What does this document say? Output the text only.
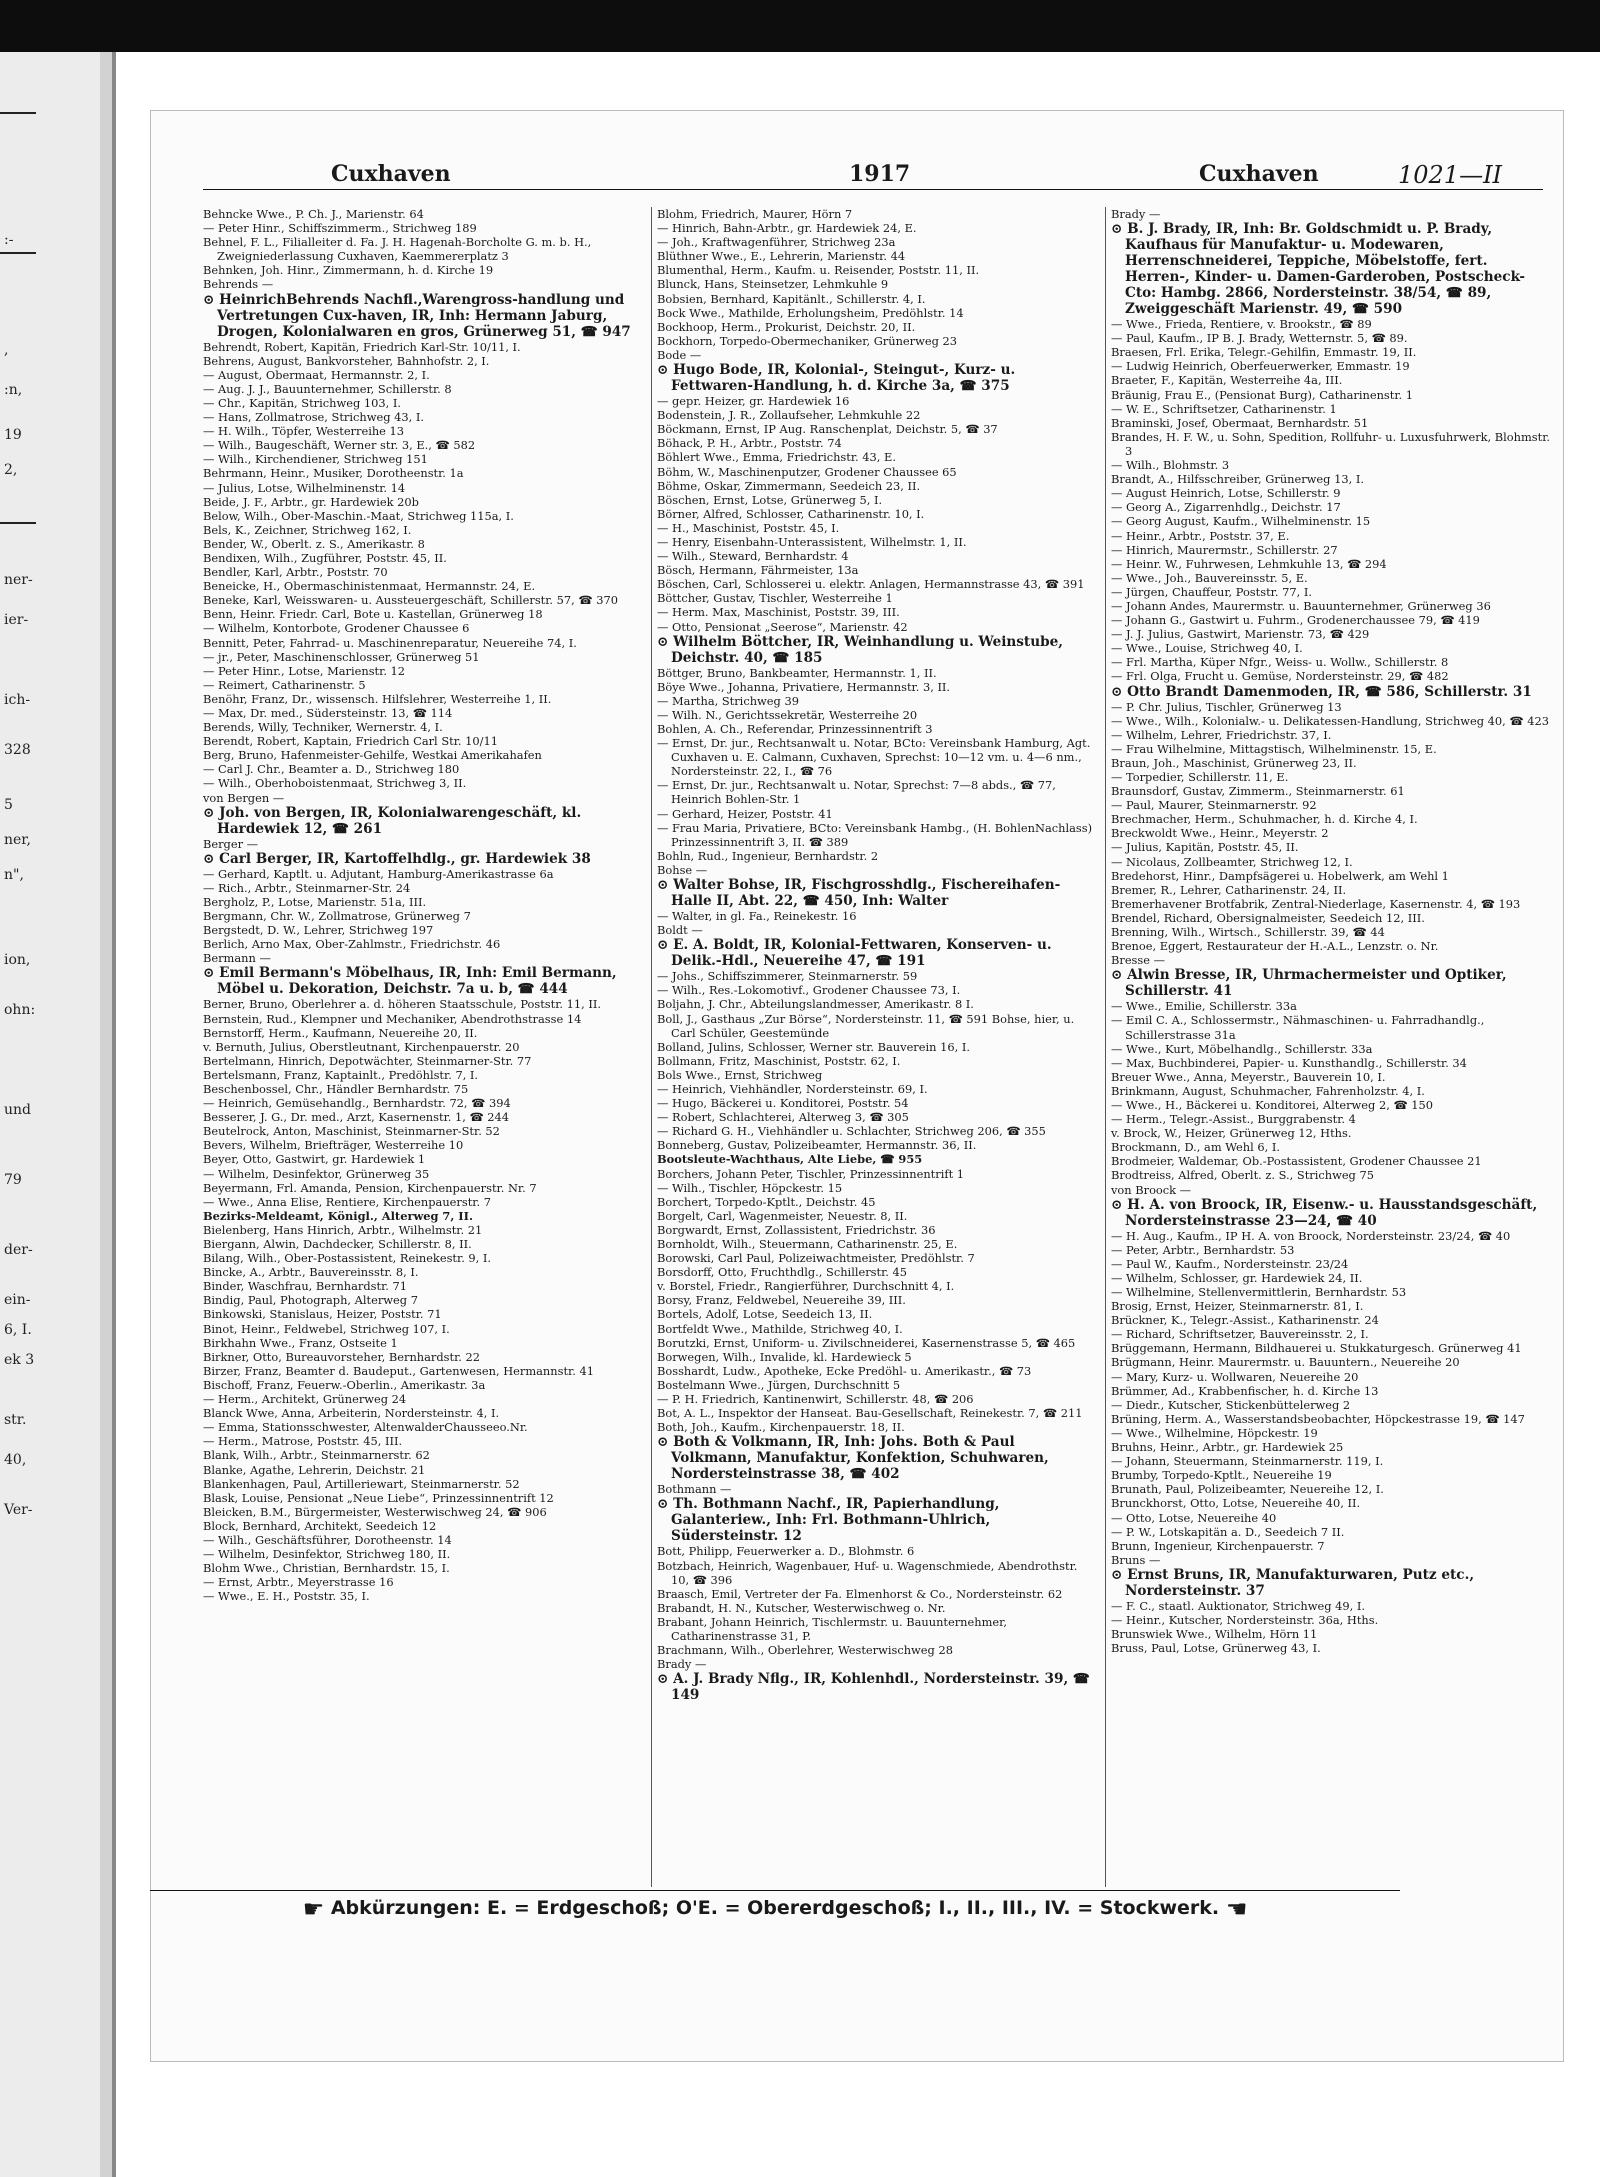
:-
,
:n,
19
2,
ner-
ier-
ich-
328
5
ner,
n",
ion,
ohn:
und
79
der-
ein-
6, I.
ek 3
str.
40,
Ver-
Cuxhaven	1917	Cuxhaven	1021—II

Behncke Wwe., P. Ch. J., Marienstr. 64

— Peter Hinr., Schiffszimmerm., Strichweg 189

Behnel, F. L., Filialleiter d. Fa. J. H. Hagenah-Borcholte G. m. b. H., Zweigniederlassung Cuxhaven, Kaemmererplatz 3

Behnken, Joh. Hinr., Zimmermann, h. d. Kirche 19

Behrends —

⊙ HeinrichBehrends Nachfl.,Warengross-handlung und Vertretungen Cux-haven, IR, Inh: Hermann Jaburg, Drogen, Kolonialwaren en gros, Grünerweg 51, ☎ 947

Behrendt, Robert, Kapitän, Friedrich Karl-Str. 10/11, I.

Behrens, August, Bankvorsteher, Bahnhofstr. 2, I.

— August, Obermaat, Hermannstr. 2, I.

— Aug. J. J., Bauunternehmer, Schillerstr. 8

— Chr., Kapitän, Strichweg 103, I.

— Hans, Zollmatrose, Strichweg 43, I.

— H. Wilh., Töpfer, Westerreihe 13

— Wilh., Baugeschäft, Werner str. 3, E., ☎ 582

— Wilh., Kirchendiener, Strichweg 151

Behrmann, Heinr., Musiker, Dorotheenstr. 1a

— Julius, Lotse, Wilhelminenstr. 14

Beide, J. F., Arbtr., gr. Hardewiek 20b

Below, Wilh., Ober-Maschin.-Maat, Strichweg 115a, I.

Bels, K., Zeichner, Strichweg 162, I.

Bender, W., Oberlt. z. S., Amerikastr. 8

Bendixen, Wilh., Zugführer, Poststr. 45, II.

Bendler, Karl, Arbtr., Poststr. 70

Beneicke, H., Obermaschinistenmaat, Hermannstr. 24, E.

Beneke, Karl, Weisswaren- u. Aussteuergeschäft, Schillerstr. 57, ☎ 370

Benn, Heinr. Friedr. Carl, Bote u. Kastellan, Grünerweg 18

— Wilhelm, Kontorbote, Grodener Chaussee 6

Bennitt, Peter, Fahrrad- u. Maschinenreparatur, Neuereihe 74, I.

— jr., Peter, Maschinenschlosser, Grünerweg 51

— Peter Hinr., Lotse, Marienstr. 12

— Reimert, Catharinenstr. 5

Benöhr, Franz, Dr., wissensch. Hilfslehrer, Westerreihe 1, II.

— Max, Dr. med., Südersteinstr. 13, ☎ 114

Berends, Willy, Techniker, Wernerstr. 4, I.

Berendt, Robert, Kaptain, Friedrich Carl Str. 10/11

Berg, Bruno, Hafenmeister-Gehilfe, Westkai Amerikahafen

— Carl J. Chr., Beamter a. D., Strichweg 180

— Wilh., Oberhoboistenmaat, Strichweg 3, II.

von Bergen —

⊙ Joh. von Bergen, IR, Kolonialwarengeschäft, kl. Hardewiek 12, ☎ 261

Berger —

⊙ Carl Berger, IR, Kartoffelhdlg., gr. Hardewiek 38

— Gerhard, Kaptlt. u. Adjutant, Hamburg-Amerikastrasse 6a

— Rich., Arbtr., Steinmarner-Str. 24

Bergholz, P., Lotse, Marienstr. 51a, III.

Bergmann, Chr. W., Zollmatrose, Grünerweg 7

Bergstedt, D. W., Lehrer, Strichweg 197

Berlich, Arno Max, Ober-Zahlmstr., Friedrichstr. 46

Bermann —

⊙ Emil Bermann's Möbelhaus, IR, Inh: Emil Bermann, Möbel u. Dekoration, Deichstr. 7a u. b, ☎ 444

Berner, Bruno, Oberlehrer a. d. höheren Staatsschule, Poststr. 11, II.

Bernstein, Rud., Klempner und Mechaniker, Abendrothstrasse 14

Bernstorff, Herm., Kaufmann, Neuereihe 20, II.

v. Bernuth, Julius, Oberstleutnant, Kirchenpauerstr. 20

Bertelmann, Hinrich, Depotwächter, Steinmarner-Str. 77

Bertelsmann, Franz, Kaptainlt., Predöhlstr. 7, I.

Beschenbossel, Chr., Händler Bernhardstr. 75

— Heinrich, Gemüsehandlg., Bernhardstr. 72, ☎ 394

Besserer, J. G., Dr. med., Arzt, Kasernenstr. 1, ☎ 244

Beutelrock, Anton, Maschinist, Steinmarner-Str. 52

Bevers, Wilhelm, Briefträger, Westerreihe 10

Beyer, Otto, Gastwirt, gr. Hardewiek 1

— Wilhelm, Desinfektor, Grünerweg 35

Beyermann, Frl. Amanda, Pension, Kirchenpauerstr. Nr. 7

— Wwe., Anna Elise, Rentiere, Kirchenpauerstr. 7

Bezirks-Meldeamt, Königl., Alterweg 7, II.

Bielenberg, Hans Hinrich, Arbtr., Wilhelmstr. 21

Biergann, Alwin, Dachdecker, Schillerstr. 8, II.

Bilang, Wilh., Ober-Postassistent, Reinekestr. 9, I.

Bincke, A., Arbtr., Bauvereinsstr. 8, I.

Binder, Waschfrau, Bernhardstr. 71

Bindig, Paul, Photograph, Alterweg 7

Binkowski, Stanislaus, Heizer, Poststr. 71

Binot, Heinr., Feldwebel, Strichweg 107, I.

Birkhahn Wwe., Franz, Ostseite 1

Birkner, Otto, Bureauvorsteher, Bernhardstr. 22

Birzer, Franz, Beamter d. Baudeput., Gartenwesen, Hermannstr. 41

Bischoff, Franz, Feuerw.-Oberlin., Amerikastr. 3a

— Herm., Architekt, Grünerweg 24

Blanck Wwe, Anna, Arbeiterin, Nordersteinstr. 4, I.

— Emma, Stationsschwester, AltenwalderChausseeo.Nr.

— Herm., Matrose, Poststr. 45, III.

Blank, Wilh., Arbtr., Steinmarnerstr. 62

Blanke, Agathe, Lehrerin, Deichstr. 21

Blankenhagen, Paul, Artilleriewart, Steinmarnerstr. 52

Blask, Louise, Pensionat „Neue Liebe“, Prinzessinnentrift 12

Bleicken, B.M., Bürgermeister, Westerwischweg 24, ☎ 906

Block, Bernhard, Architekt, Seedeich 12

— Wilh., Geschäftsführer, Dorotheenstr. 14

— Wilhelm, Desinfektor, Strichweg 180, II.

Blohm Wwe., Christian, Bernhardstr. 15, I.

— Ernst, Arbtr., Meyerstrasse 16

— Wwe., E. H., Poststr. 35, I.

Blohm, Friedrich, Maurer, Hörn 7

— Hinrich, Bahn-Arbtr., gr. Hardewiek 24, E.

— Joh., Kraftwagenführer, Strichweg 23a

Blüthner Wwe., E., Lehrerin, Marienstr. 44

Blumenthal, Herm., Kaufm. u. Reisender, Poststr. 11, II.

Blunck, Hans, Steinsetzer, Lehmkuhle 9

Bobsien, Bernhard, Kapitänlt., Schillerstr. 4, I.

Bock Wwe., Mathilde, Erholungsheim, Predöhlstr. 14

Bockhoop, Herm., Prokurist, Deichstr. 20, II.

Bockhorn, Torpedo-Obermechaniker, Grünerweg 23

Bode —

⊙ Hugo Bode, IR, Kolonial-, Steingut-, Kurz- u. Fettwaren-Handlung, h. d. Kirche 3a, ☎ 375

— gepr. Heizer, gr. Hardewiek 16

Bodenstein, J. R., Zollaufseher, Lehmkuhle 22

Böckmann, Ernst, IP Aug. Ranschenplat, Deichstr. 5, ☎ 37

Böhack, P. H., Arbtr., Poststr. 74

Böhlert Wwe., Emma, Friedrichstr. 43, E.

Böhm, W., Maschinenputzer, Grodener Chaussee 65

Böhme, Oskar, Zimmermann, Seedeich 23, II.

Böschen, Ernst, Lotse, Grünerweg 5, I.

Börner, Alfred, Schlosser, Catharinenstr. 10, I.

— H., Maschinist, Poststr. 45, I.

— Henry, Eisenbahn-Unterassistent, Wilhelmstr. 1, II.

— Wilh., Steward, Bernhardstr. 4

Bösch, Hermann, Fährmeister, 13a

Böschen, Carl, Schlosserei u. elektr. Anlagen, Hermannstrasse 43, ☎ 391

Böttcher, Gustav, Tischler, Westerreihe 1

— Herm. Max, Maschinist, Poststr. 39, III.

— Otto, Pensionat „Seerose“, Marienstr. 42

⊙ Wilhelm Böttcher, IR, Weinhandlung u. Weinstube, Deichstr. 40, ☎ 185

Böttger, Bruno, Bankbeamter, Hermannstr. 1, II.

Böye Wwe., Johanna, Privatiere, Hermannstr. 3, II.

— Martha, Strichweg 39

— Wilh. N., Gerichtssekretär, Westerreihe 20

Bohlen, A. Ch., Referendar, Prinzessinnentrift 3

— Ernst, Dr. jur., Rechtsanwalt u. Notar, BCto: Vereinsbank Hamburg, Agt. Cuxhaven u. E. Calmann, Cuxhaven, Sprechst: 10—12 vm. u. 4—6 nm., Nordersteinstr. 22, I., ☎ 76

— Ernst, Dr. jur., Rechtsanwalt u. Notar, Sprechst: 7—8 abds., ☎ 77, Heinrich Bohlen-Str. 1

— Gerhard, Heizer, Poststr. 41

— Frau Maria, Privatiere, BCto: Vereinsbank Hambg., (H. BohlenNachlass) Prinzessinnentrift 3, II. ☎ 389

Bohln, Rud., Ingenieur, Bernhardstr. 2

Bohse —

⊙ Walter Bohse, IR, Fischgrosshdlg., Fischereihafen-Halle II, Abt. 22, ☎ 450, Inh: Walter

— Walter, in gl. Fa., Reinekestr. 16

Boldt —

⊙ E. A. Boldt, IR, Kolonial-Fettwaren, Konserven- u. Delik.-Hdl., Neuereihe 47, ☎ 191

— Johs., Schiffszimmerer, Steinmarnerstr. 59

— Wilh., Res.-Lokomotivf., Grodener Chaussee 73, I.

Boljahn, J. Chr., Abteilungslandmesser, Amerikastr. 8 I.

Boll, J., Gasthaus „Zur Börse“, Nordersteinstr. 11, ☎ 591 Bohse, hier, u. Carl Schüler, Geestemünde

Bolland, Julins, Schlosser, Werner str. Bauverein 16, I.

Bollmann, Fritz, Maschinist, Poststr. 62, I.

Bols Wwe., Ernst, Strichweg

— Heinrich, Viehhändler, Nordersteinstr. 69, I.

— Hugo, Bäckerei u. Konditorei, Poststr. 54

— Robert, Schlachterei, Alterweg 3, ☎ 305

— Richard G. H., Viehhändler u. Schlachter, Strichweg 206, ☎ 355

Bonneberg, Gustav, Polizeibeamter, Hermannstr. 36, II.

Bootsleute-Wachthaus, Alte Liebe, ☎ 955

Borchers, Johann Peter, Tischler, Prinzessinnentrift 1

— Wilh., Tischler, Höpckestr. 15

Borchert, Torpedo-Kptlt., Deichstr. 45

Borgelt, Carl, Wagenmeister, Neuestr. 8, II.

Borgwardt, Ernst, Zollassistent, Friedrichstr. 36

Bornholdt, Wilh., Steuermann, Catharinenstr. 25, E.

Borowski, Carl Paul, Polizeiwachtmeister, Predöhlstr. 7

Borsdorff, Otto, Fruchthdlg., Schillerstr. 45

v. Borstel, Friedr., Rangierführer, Durchschnitt 4, I.

Borsy, Franz, Feldwebel, Neuereihe 39, III.

Bortels, Adolf, Lotse, Seedeich 13, II.

Bortfeldt Wwe., Mathilde, Strichweg 40, I.

Borutzki, Ernst, Uniform- u. Zivilschneiderei, Kasernenstrasse 5, ☎ 465

Borwegen, Wilh., Invalide, kl. Hardewieck 5

Bosshardt, Ludw., Apotheke, Ecke Predöhl- u. Amerikastr., ☎ 73

Bostelmann Wwe., Jürgen, Durchschnitt 5

— P. H. Friedrich, Kantinenwirt, Schillerstr. 48, ☎ 206

Bot, A. L., Inspektor der Hanseat. Bau-Gesellschaft, Reinekestr. 7, ☎ 211

Both, Joh., Kaufm., Kirchenpauerstr. 18, II.

⊙ Both & Volkmann, IR, Inh: Johs. Both & Paul Volkmann, Manufaktur, Konfektion, Schuhwaren, Nordersteinstrasse 38, ☎ 402

Bothmann —

⊙ Th. Bothmann Nachf., IR, Papierhandlung, Galanteriew., Inh: Frl. Bothmann-Uhlrich, Südersteinstr. 12

Bott, Philipp, Feuerwerker a. D., Blohmstr. 6

Botzbach, Heinrich, Wagenbauer, Huf- u. Wagenschmiede, Abendrothstr. 10, ☎ 396

Braasch, Emil, Vertreter der Fa. Elmenhorst & Co., Nordersteinstr. 62

Brabandt, H. N., Kutscher, Westerwischweg o. Nr.

Brabant, Johann Heinrich, Tischlermstr. u. Bauunternehmer, Catharinenstrasse 31, P.

Brachmann, Wilh., Oberlehrer, Westerwischweg 28

Brady —

⊙ A. J. Brady Nflg., IR, Kohlenhdl., Nordersteinstr. 39, ☎ 149

Brady —

⊙ B. J. Brady, IR, Inh: Br. Goldschmidt u. P. Brady, Kaufhaus für Manufaktur- u. Modewaren, Herrenschneiderei, Teppiche, Möbelstoffe, fert. Herren-, Kinder- u. Damen-Garderoben, Postscheck-Cto: Hambg. 2866, Nordersteinstr. 38/54, ☎ 89, Zweiggeschäft Marienstr. 49, ☎ 590

— Wwe., Frieda, Rentiere, v. Brookstr., ☎ 89

— Paul, Kaufm., IP B. J. Brady, Wetternstr. 5, ☎ 89.

Braesen, Frl. Erika, Telegr.-Gehilfin, Emmastr. 19, II.

— Ludwig Heinrich, Oberfeuerwerker, Emmastr. 19

Braeter, F., Kapitän, Westerreihe 4a, III.

Bräunig, Frau E., (Pensionat Burg), Catharinenstr. 1

— W. E., Schriftsetzer, Catharinenstr. 1

Braminski, Josef, Obermaat, Bernhardstr. 51

Brandes, H. F. W., u. Sohn, Spedition, Rollfuhr- u. Luxusfuhrwerk, Blohmstr. 3

— Wilh., Blohmstr. 3

Brandt, A., Hilfsschreiber, Grünerweg 13, I.

— August Heinrich, Lotse, Schillerstr. 9

— Georg A., Zigarrenhdlg., Deichstr. 17

— Georg August, Kaufm., Wilhelminenstr. 15

— Heinr., Arbtr., Poststr. 37, E.

— Hinrich, Maurermstr., Schillerstr. 27

— Heinr. W., Fuhrwesen, Lehmkuhle 13, ☎ 294

— Wwe., Joh., Bauvereinsstr. 5, E.

— Jürgen, Chauffeur, Poststr. 77, I.

— Johann Andes, Maurermstr. u. Bauunternehmer, Grünerweg 36

— Johann G., Gastwirt u. Fuhrm., Grodenerchaussee 79, ☎ 419

— J. J. Julius, Gastwirt, Marienstr. 73, ☎ 429

— Wwe., Louise, Strichweg 40, I.

— Frl. Martha, Küper Nfgr., Weiss- u. Wollw., Schillerstr. 8

— Frl. Olga, Frucht u. Gemüse, Nordersteinstr. 29, ☎ 482

⊙ Otto Brandt Damenmoden, IR, ☎ 586, Schillerstr. 31

— P. Chr. Julius, Tischler, Grünerweg 13

— Wwe., Wilh., Kolonialw.- u. Delikatessen-Handlung, Strichweg 40, ☎ 423

— Wilhelm, Lehrer, Friedrichstr. 37, I.

— Frau Wilhelmine, Mittagstisch, Wilhelminenstr. 15, E.

Braun, Joh., Maschinist, Grünerweg 23, II.

— Torpedier, Schillerstr. 11, E.

Braunsdorf, Gustav, Zimmerm., Steinmarnerstr. 61

— Paul, Maurer, Steinmarnerstr. 92

Brechmacher, Herm., Schuhmacher, h. d. Kirche 4, I.

Breckwoldt Wwe., Heinr., Meyerstr. 2

— Julius, Kapitän, Poststr. 45, II.

— Nicolaus, Zollbeamter, Strichweg 12, I.

Bredehorst, Hinr., Dampfsägerei u. Hobelwerk, am Wehl 1

Bremer, R., Lehrer, Catharinenstr. 24, II.

Bremerhavener Brotfabrik, Zentral-Niederlage, Kasernenstr. 4, ☎ 193

Brendel, Richard, Obersignalmeister, Seedeich 12, III.

Brenning, Wilh., Wirtsch., Schillerstr. 39, ☎ 44

Brenoe, Eggert, Restaurateur der H.-A.L., Lenzstr. o. Nr.

Bresse —

⊙ Alwin Bresse, IR, Uhrmachermeister und Optiker, Schillerstr. 41

— Wwe., Emilie, Schillerstr. 33a

— Emil C. A., Schlossermstr., Nähmaschinen- u. Fahrradhandlg., Schillerstrasse 31a

— Wwe., Kurt, Möbelhandlg., Schillerstr. 33a

— Max, Buchbinderei, Papier- u. Kunsthandlg., Schillerstr. 34

Breuer Wwe., Anna, Meyerstr., Bauverein 10, I.

Brinkmann, August, Schuhmacher, Fahrenholzstr. 4, I.

— Wwe., H., Bäckerei u. Konditorei, Alterweg 2, ☎ 150

— Herm., Telegr.-Assist., Burggrabenstr. 4

v. Brock, W., Heizer, Grünerweg 12, Hths.

Brockmann, D., am Wehl 6, I.

Brodmeier, Waldemar, Ob.-Postassistent, Grodener Chaussee 21

Brodtreiss, Alfred, Oberlt. z. S., Strichweg 75

von Broock —

⊙ H. A. von Broock, IR, Eisenw.- u. Hausstandsgeschäft, Nordersteinstrasse 23—24, ☎ 40

— H. Aug., Kaufm., IP H. A. von Broock, Nordersteinstr. 23/24, ☎ 40

— Peter, Arbtr., Bernhardstr. 53

— Paul W., Kaufm., Nordersteinstr. 23/24

— Wilhelm, Schlosser, gr. Hardewiek 24, II.

— Wilhelmine, Stellenvermittlerin, Bernhardstr. 53

Brosig, Ernst, Heizer, Steinmarnerstr. 81, I.

Brückner, K., Telegr.-Assist., Katharinenstr. 24

— Richard, Schriftsetzer, Bauvereinsstr. 2, I.

Brüggemann, Hermann, Bildhauerei u. Stukkaturgesch. Grünerweg 41

Brügmann, Heinr. Maurermstr. u. Bauuntern., Neuereihe 20

— Mary, Kurz- u. Wollwaren, Neuereihe 20

Brümmer, Ad., Krabbenfischer, h. d. Kirche 13

— Diedr., Kutscher, Stickenbüttelerweg 2

Brüning, Herm. A., Wasserstandsbeobachter, Höpckestrasse 19, ☎ 147

— Wwe., Wilhelmine, Höpckestr. 19

Bruhns, Heinr., Arbtr., gr. Hardewiek 25

— Johann, Steuermann, Steinmarnerstr. 119, I.

Brumby, Torpedo-Kptlt., Neuereihe 19

Brunath, Paul, Polizeibeamter, Neuereihe 12, I.

Brunckhorst, Otto, Lotse, Neuereihe 40, II.

— Otto, Lotse, Neuereihe 40

— P. W., Lotskapitän a. D., Seedeich 7 II.

Brunn, Ingenieur, Kirchenpauerstr. 7

Bruns —

⊙ Ernst Bruns, IR, Manufakturwaren, Putz etc., Nordersteinstr. 37

— F. C., staatl. Auktionator, Strichweg 49, I.

— Heinr., Kutscher, Nordersteinstr. 36a, Hths.

Brunswiek Wwe., Wilhelm, Hörn 11

Bruss, Paul, Lotse, Grünerweg 43, I.

☛ Abkürzungen: E. = Erdgeschoß; O'E. = Obererdgeschoß; I., II., III., IV. = Stockwerk. ☛
